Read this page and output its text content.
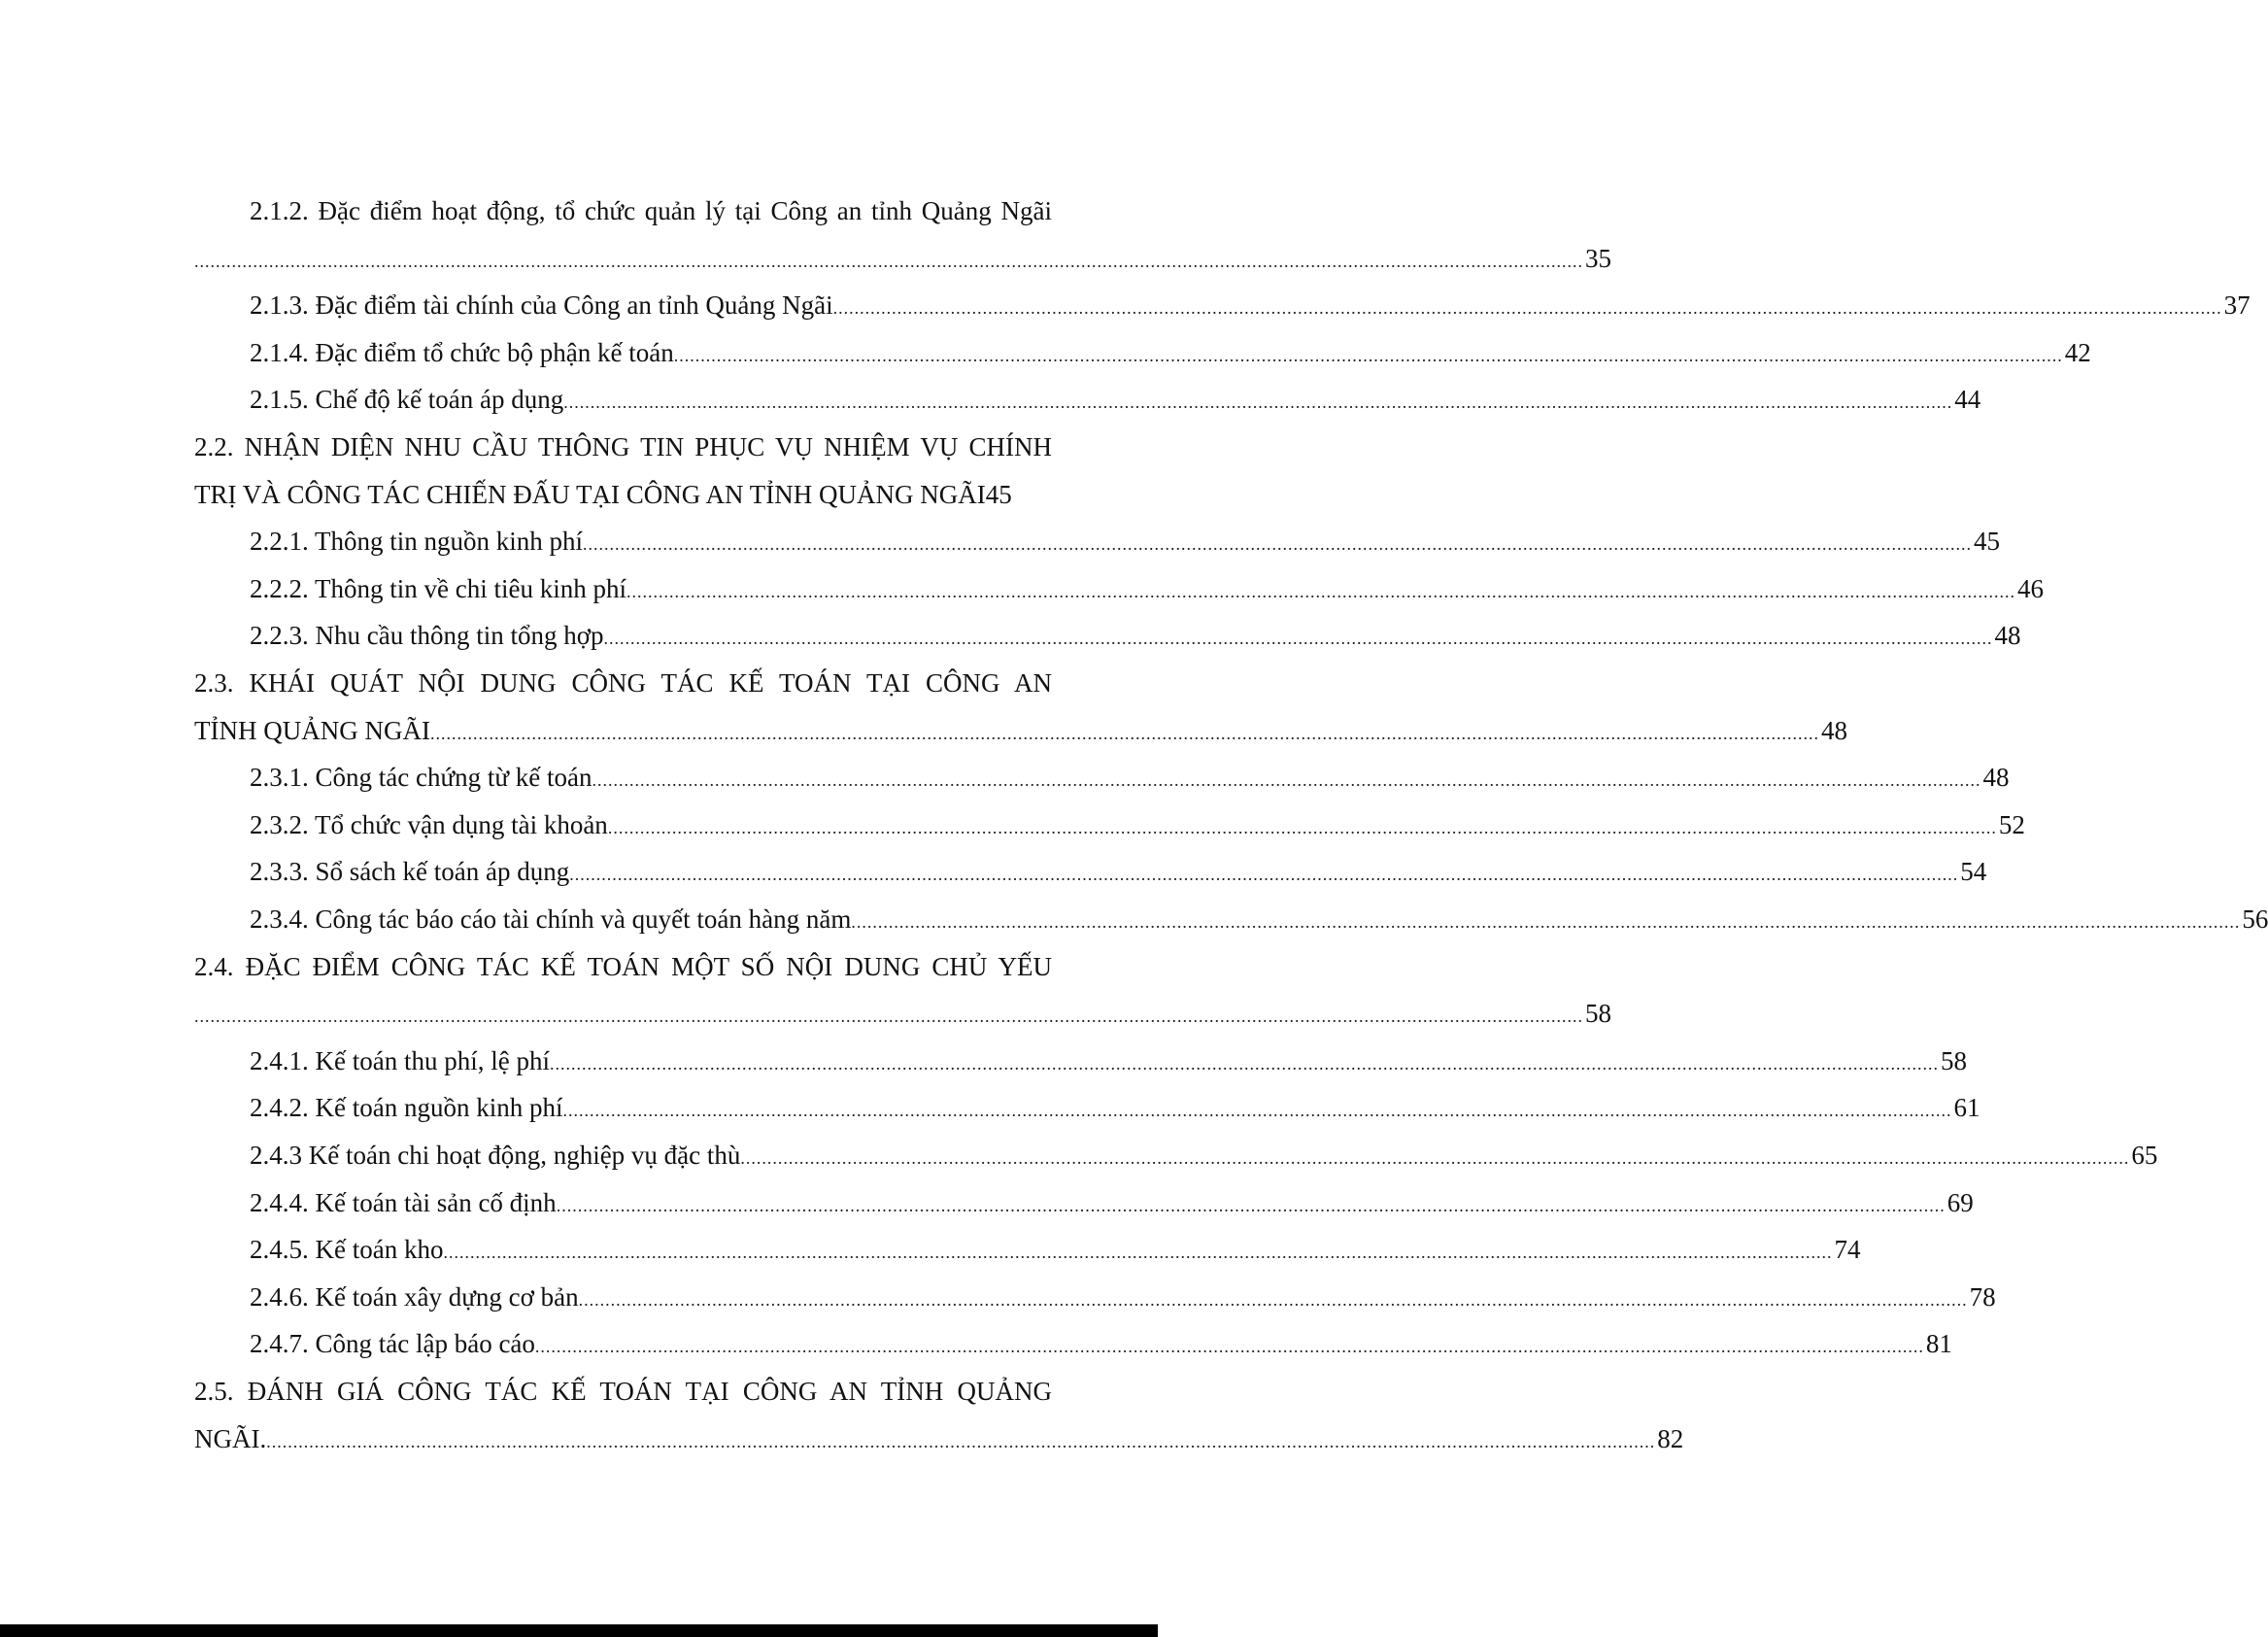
2.1.2. Đặc điểm hoạt động, tổ chức quản lý tại Công an tỉnh Quảng Ngãi
.................................................................................................................................................................................................................................................................... 35
2.1.3. Đặc điểm tài chính của Công an tỉnh Quảng Ngãi .................................................................................................................................................................................................................................................................... 37
2.1.4. Đặc điểm tổ chức bộ phận kế toán .................................................................................................................................................................................................................................................................... 42
2.1.5. Chế độ kế toán áp dụng .................................................................................................................................................................................................................................................................... 44
2.2. NHẬN DIỆN NHU CẦU THÔNG TIN PHỤC VỤ NHIỆM VỤ CHÍNH
TRỊ VÀ CÔNG TÁC CHIẾN ĐẤU TẠI CÔNG AN TỈNH QUẢNG NGÃI45
2.2.1. Thông tin nguồn kinh phí .................................................................................................................................................................................................................................................................... 45
2.2.2. Thông tin về chi tiêu kinh phí .................................................................................................................................................................................................................................................................... 46
2.2.3. Nhu cầu thông tin tổng hợp .................................................................................................................................................................................................................................................................... 48
2.3. KHÁI QUÁT NỘI DUNG CÔNG TÁC KẾ TOÁN TẠI CÔNG AN
TỈNH QUẢNG NGÃI .................................................................................................................................................................................................................................................................... 48
2.3.1. Công tác chứng từ kế toán .................................................................................................................................................................................................................................................................... 48
2.3.2. Tổ chức vận dụng tài khoản .................................................................................................................................................................................................................................................................... 52
2.3.3. Sổ sách kế toán áp dụng .................................................................................................................................................................................................................................................................... 54
2.3.4. Công tác báo cáo tài chính và quyết toán hàng năm .................................................................................................................................................................................................................................................................... 56
2.4. ĐẶC ĐIỂM CÔNG TÁC KẾ TOÁN MỘT SỐ NỘI DUNG CHỦ YẾU
.................................................................................................................................................................................................................................................................... 58
2.4.1. Kế toán thu phí, lệ phí .................................................................................................................................................................................................................................................................... 58
2.4.2. Kế toán nguồn kinh phí .................................................................................................................................................................................................................................................................... 61
2.4.3 Kế toán chi hoạt động, nghiệp vụ đặc thù .................................................................................................................................................................................................................................................................... 65
2.4.4. Kế toán tài sản cố định .................................................................................................................................................................................................................................................................... 69
2.4.5. Kế toán kho .................................................................................................................................................................................................................................................................... 74
2.4.6. Kế toán xây dựng cơ bản .................................................................................................................................................................................................................................................................... 78
2.4.7. Công tác lập báo cáo .................................................................................................................................................................................................................................................................... 81
2.5. ĐÁNH GIÁ CÔNG TÁC KẾ TOÁN TẠI CÔNG AN TỈNH QUẢNG
NGÃI. .................................................................................................................................................................................................................................................................... 82
